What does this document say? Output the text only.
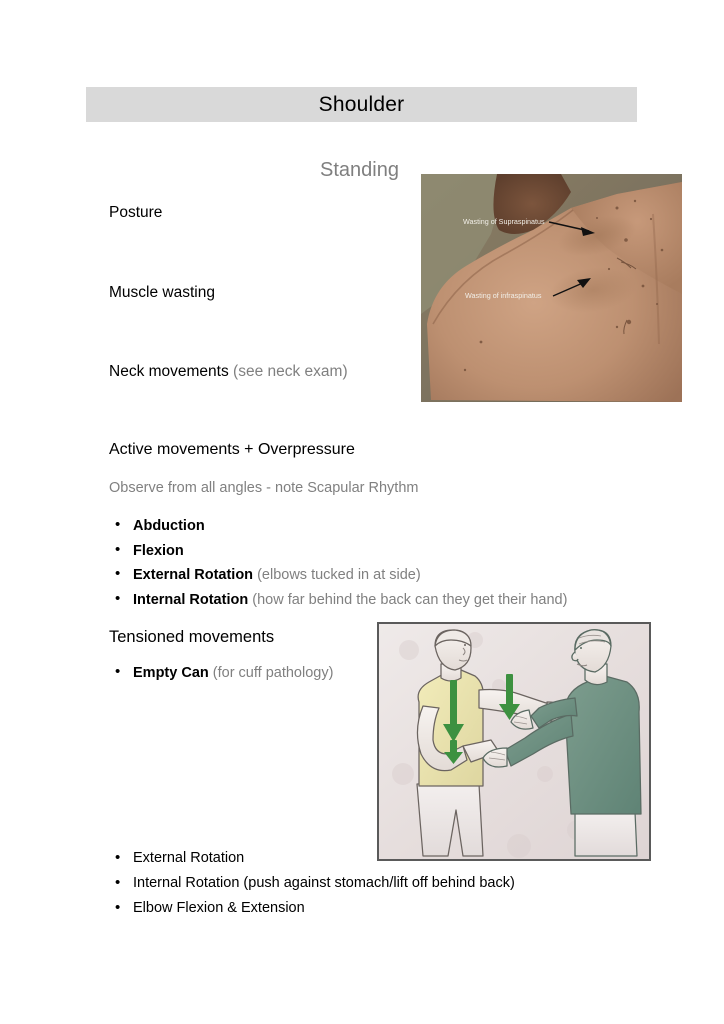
Shoulder
Standing
Wasting of Supraspinatus
Wasting of infraspinatus
Posture
Muscle wasting
Neck movements (see neck exam)
Active movements + Overpressure
Observe from all angles - note Scapular Rhythm
• Abduction
• Flexion
• External Rotation (elbows tucked in at side)
• Internal Rotation (how far behind the back can they get their hand)
Tensioned movements
• Empty Can (for cuff pathology)
• External Rotation
• Internal Rotation (push against stomach/lift off behind back)
• Elbow Flexion & Extension
